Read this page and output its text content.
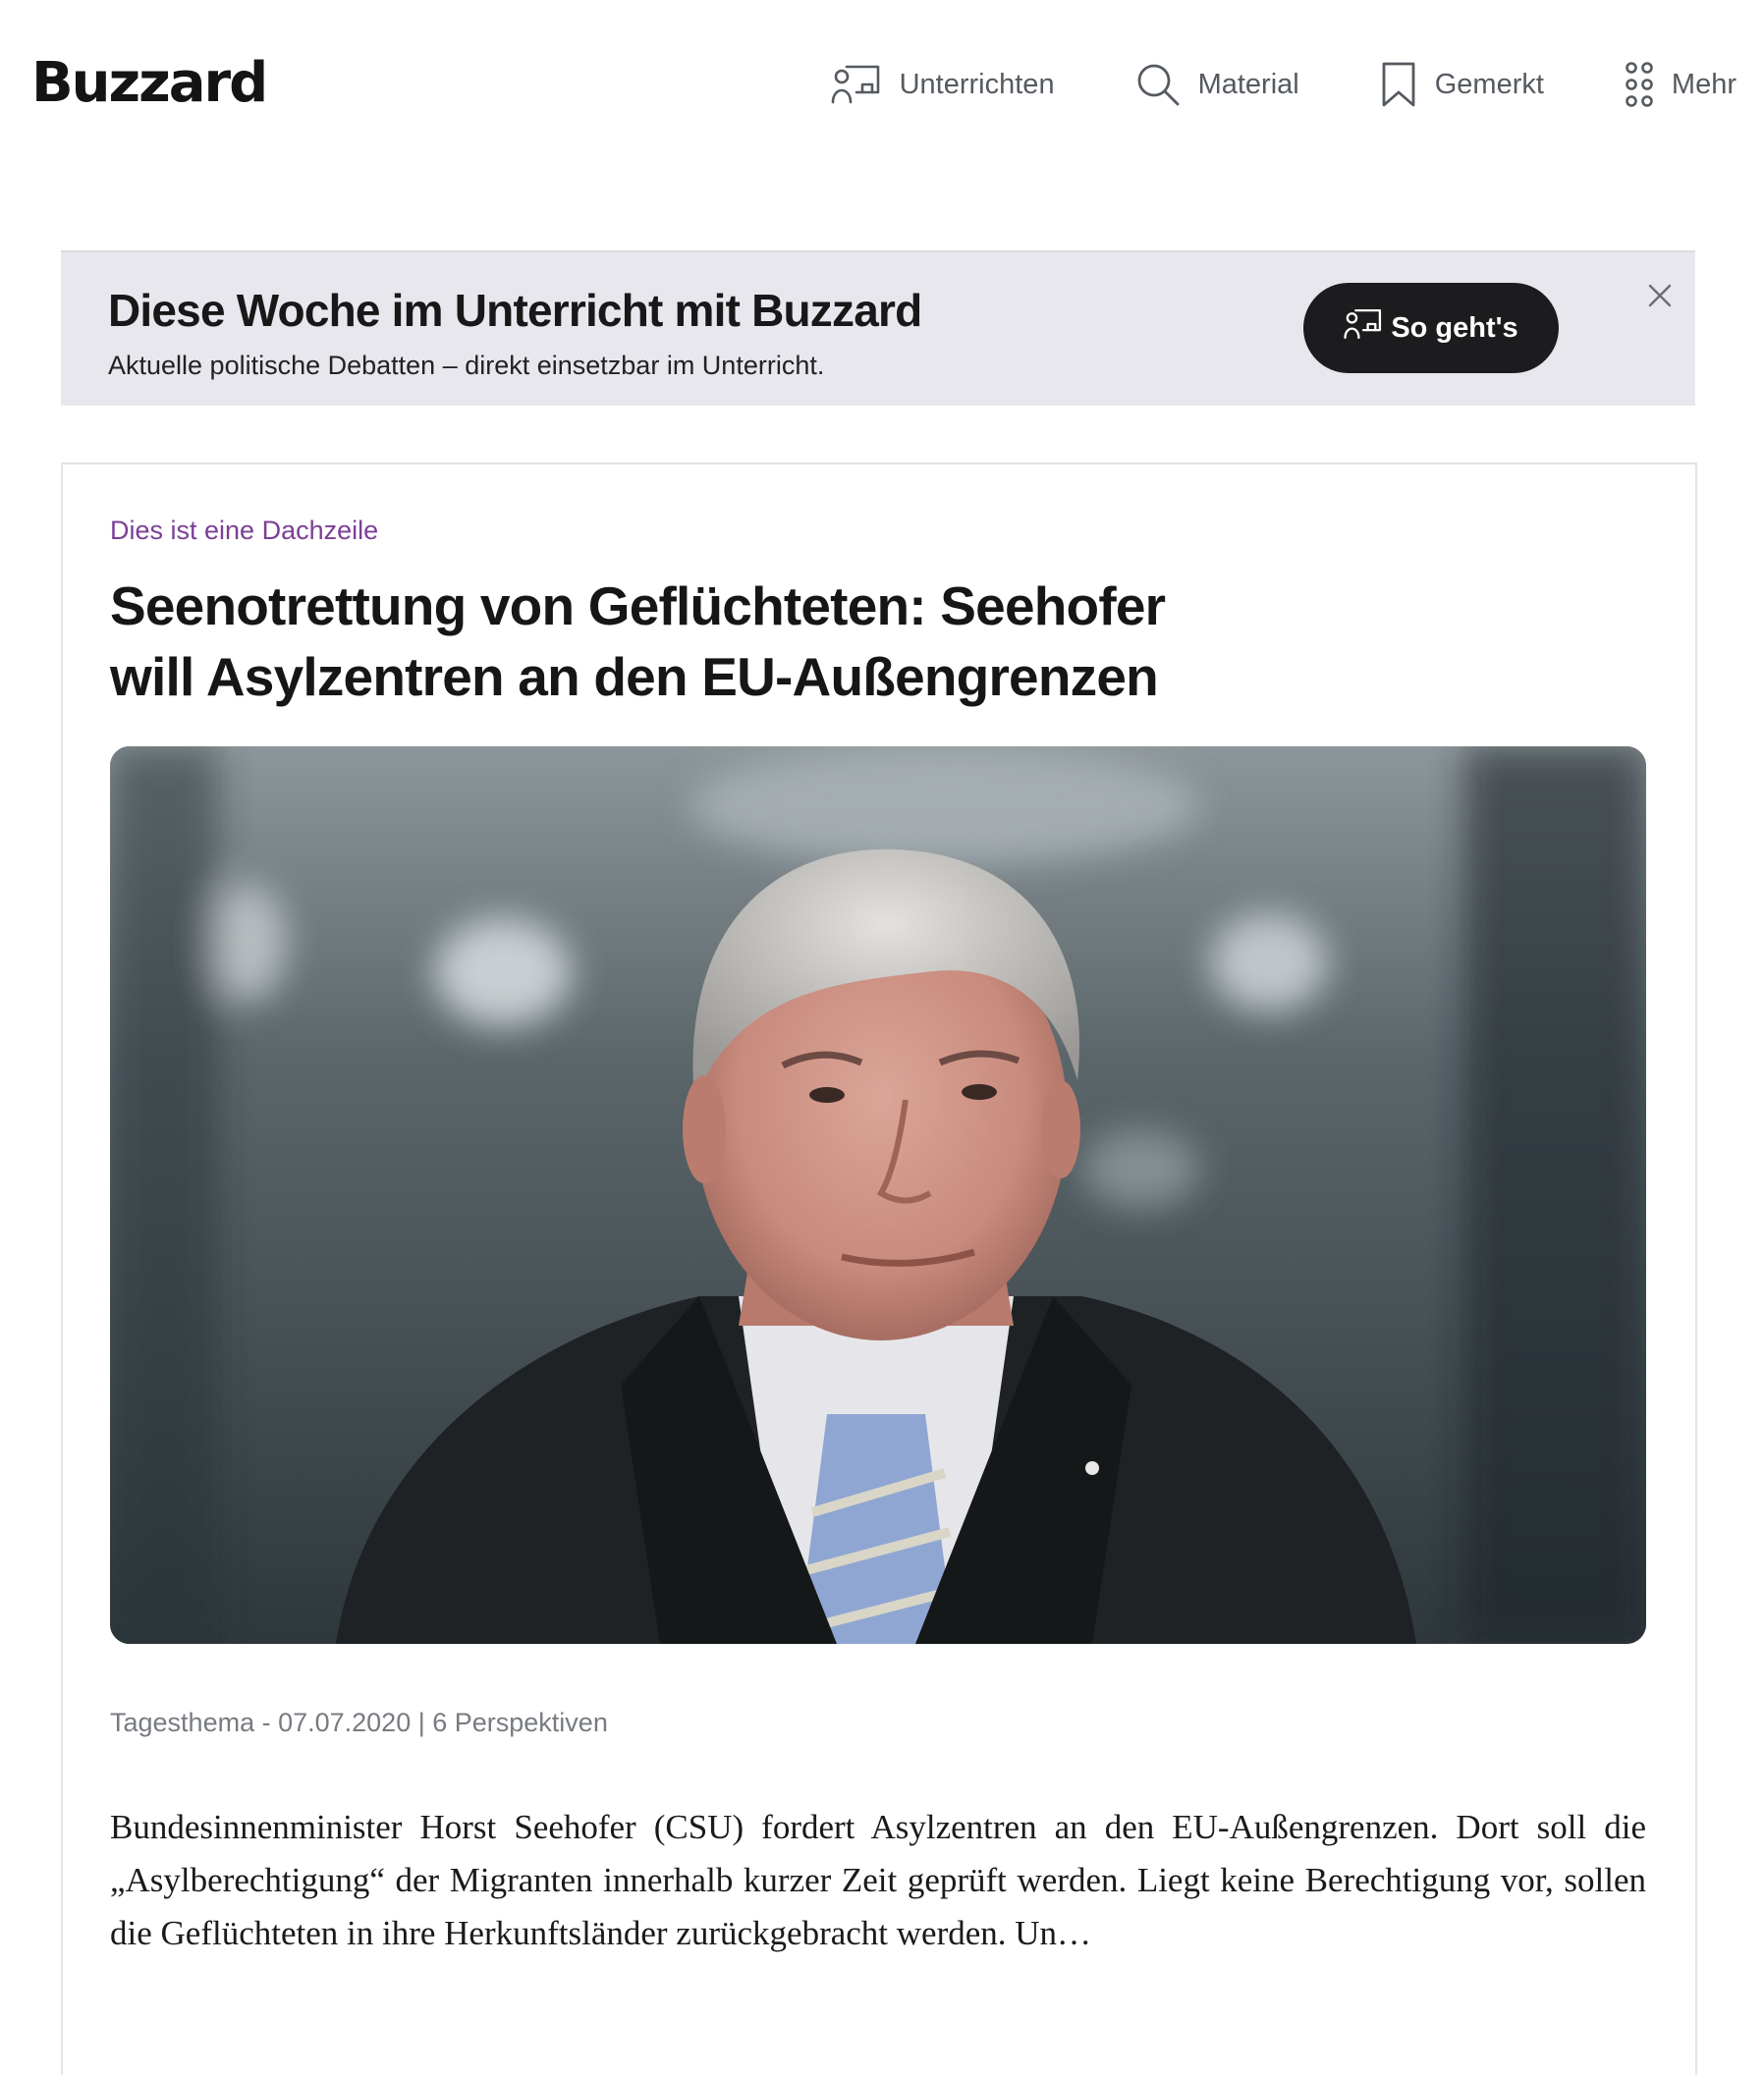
Buzzard	Unterrichten	Material	Gemerkt	Mehr
Diese Woche im Unterricht mit Buzzard
Aktuelle politische Debatten – direkt einsetzbar im Unterricht.
So geht's
Dies ist eine Dachzeile
Seenotrettung von Geflüchteten: Seehofer
will Asylzentren an den EU-Außengrenzen
Tagesthema - 07.07.2020 | 6 Perspektiven

Bundesinnenminister Horst Seehofer (CSU) fordert Asylzentren an den EU-Außengrenzen. Dort soll die „Asylberechtigung“ der Migranten innerhalb kurzer Zeit geprüft werden. Liegt keine Berechtigung vor, sollen die Geflüchteten in ihre Herkunftsländer zurückgebracht werden. Un…
